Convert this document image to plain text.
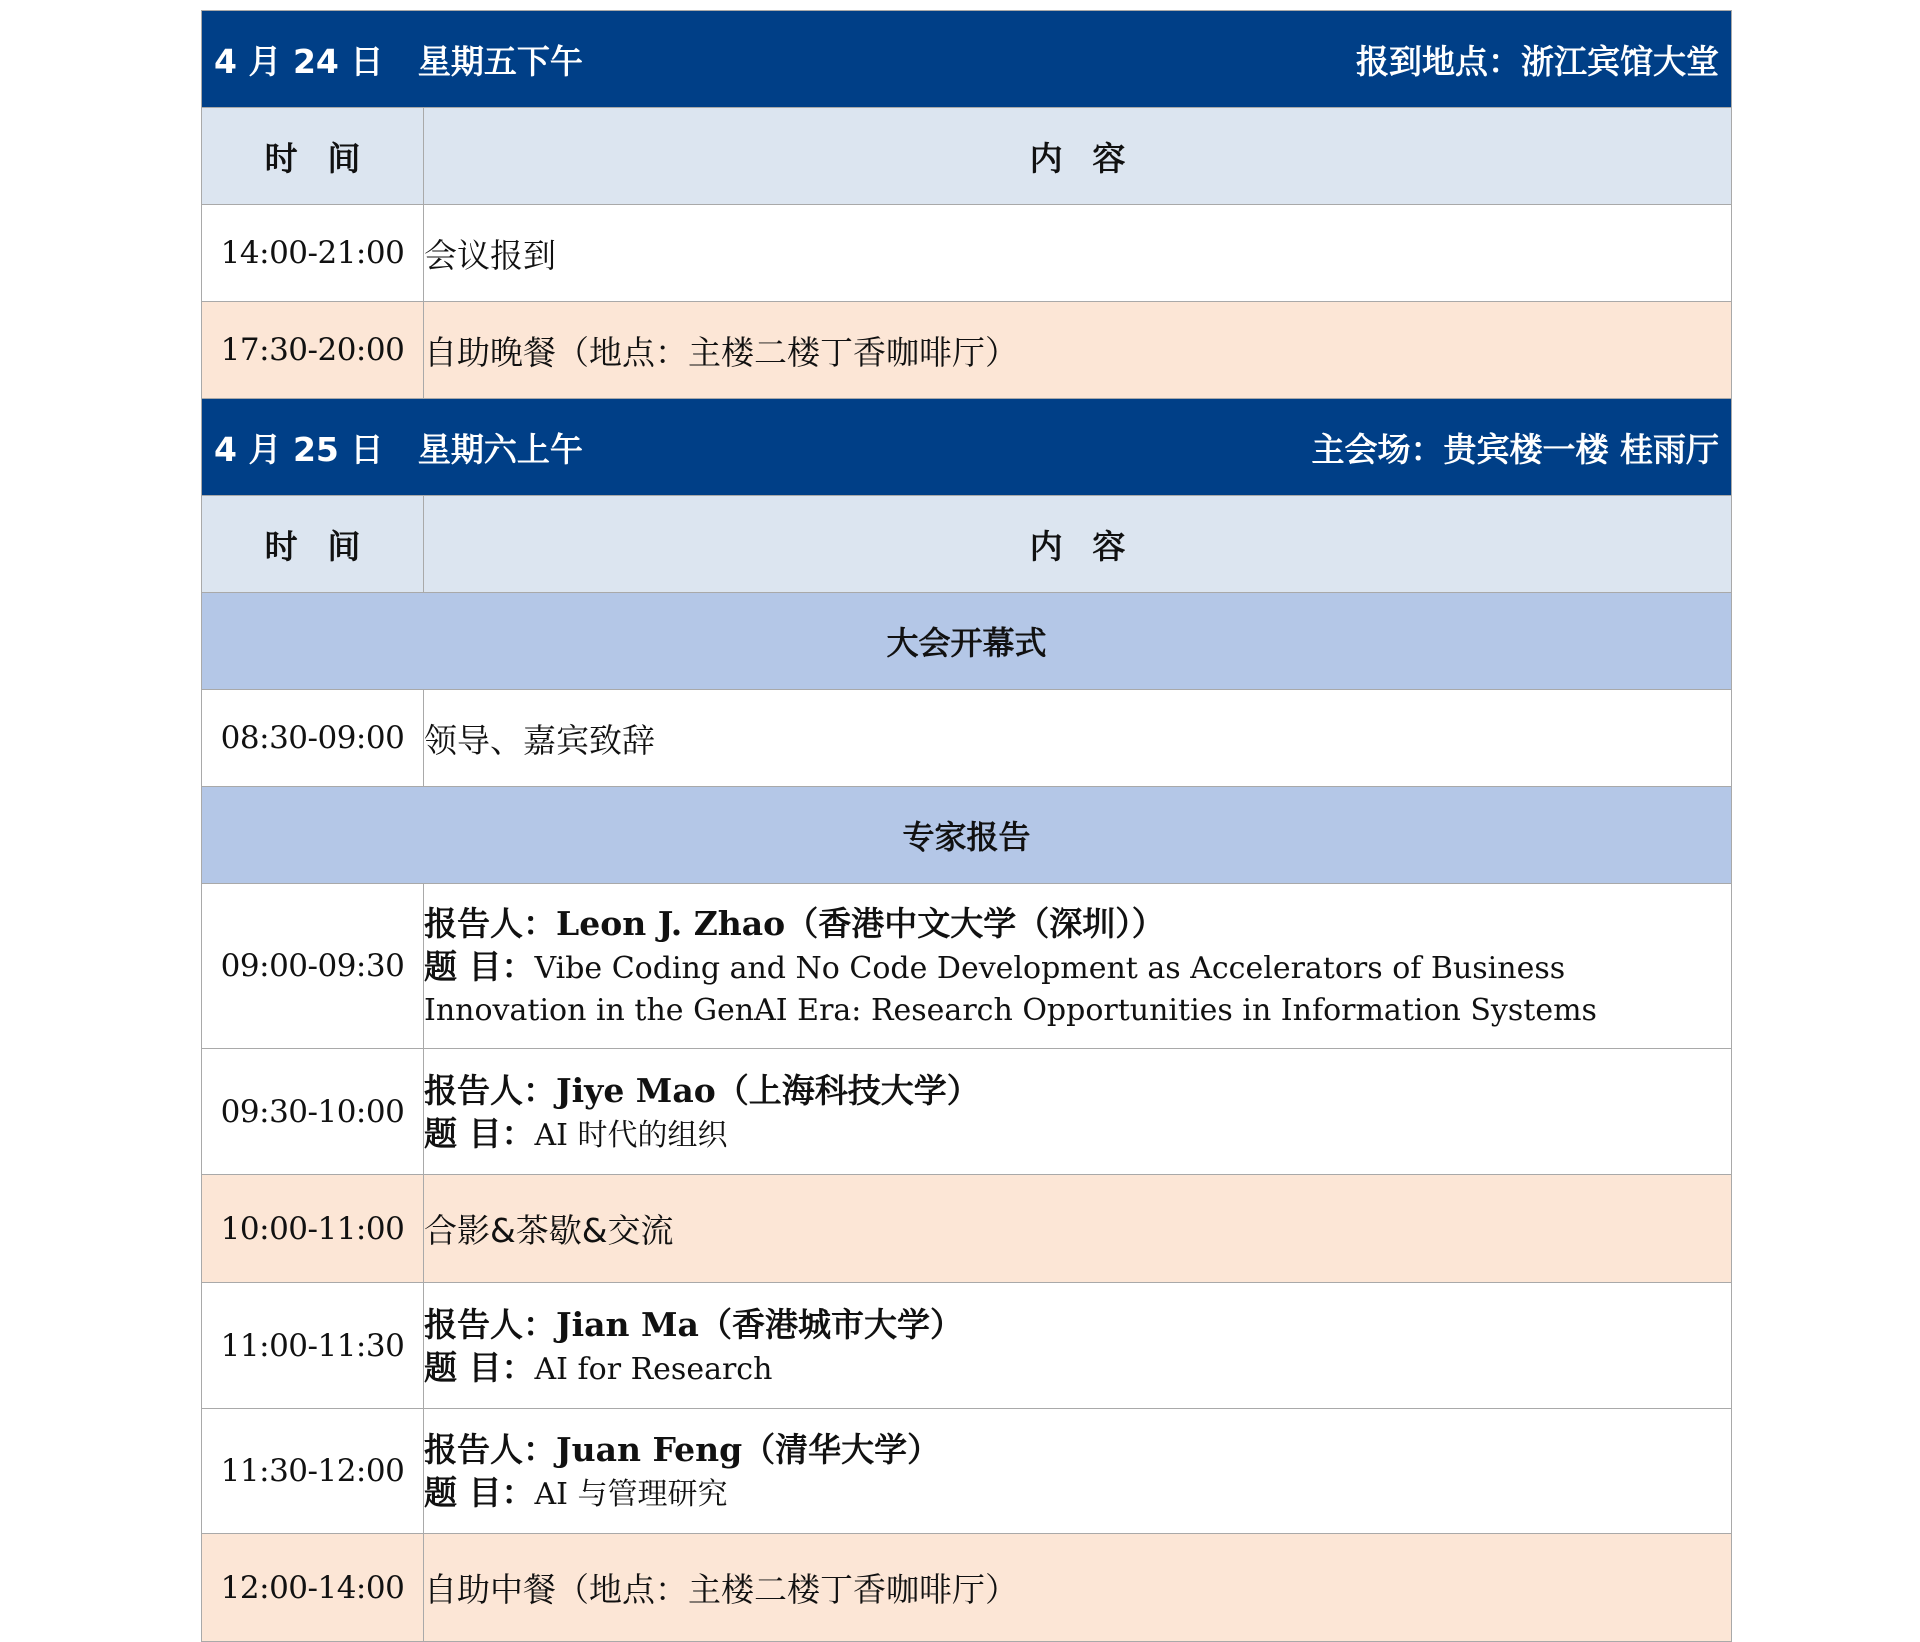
4 月 24 日 星期五下午 报到地点：浙江宾馆大堂	

时间	内容
14:00-21:00	会议报到
17:30-20:00	自助晚餐（地点：主楼二楼丁香咖啡厅）

4 月 25 日 星期六上午 主会场：贵宾楼一楼 桂雨厅	

时间	内容
大会开幕式	
08:30-09:00	领导、嘉宾致辞
专家报告	
09:00-09:30	报告人：Leon J. Zhao（香港中文大学（深圳））
题 目：Vibe Coding and No Code Development as Accelerators of Business Innovation in the GenAI Era: Research Opportunities in Information Systems

09:30-10:00	报告人：Jiye Mao（上海科技大学）
题 目：AI 时代的组织

10:00-11:00	合影&茶歇&交流
11:00-11:30	报告人：Jian Ma（香港城市大学）
题 目：AI for Research

11:30-12:00	报告人：Juan Feng（清华大学）
题 目：AI 与管理研究

12:00-14:00	自助中餐（地点：主楼二楼丁香咖啡厅）
